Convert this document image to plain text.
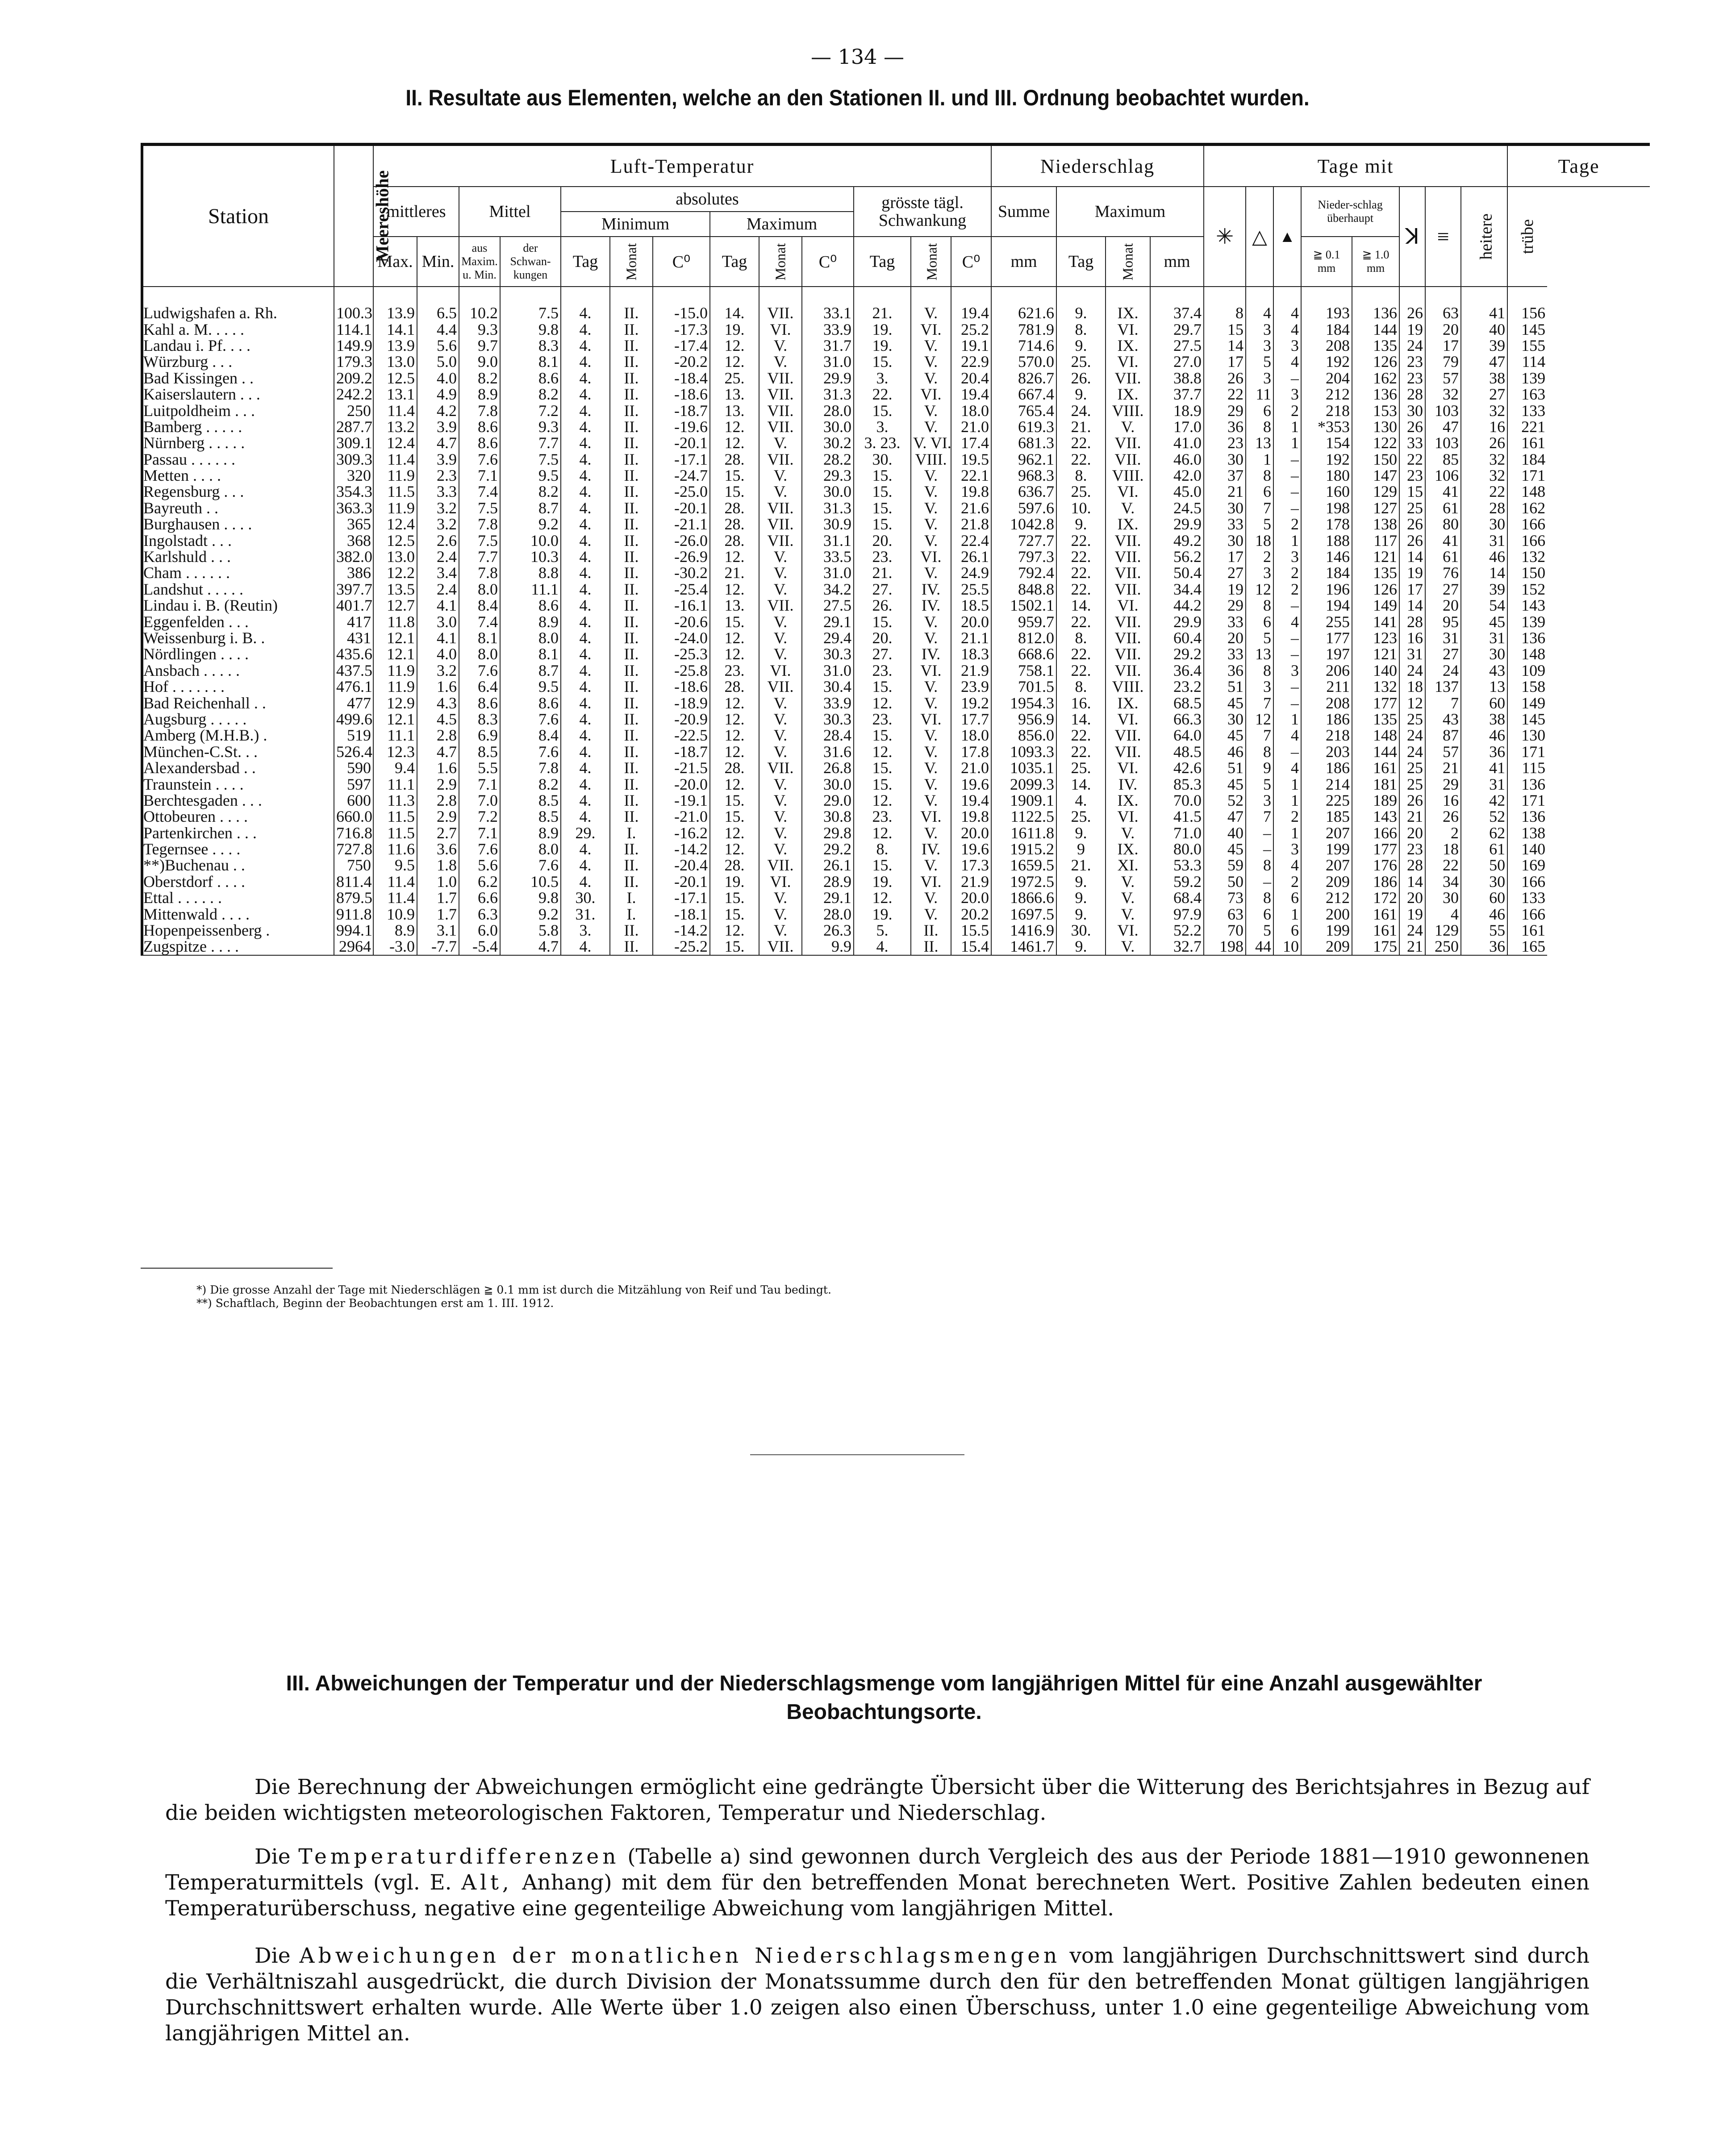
— 134 —
II. Resultate aus Elementen, welche an den Stationen II. und III. Ordnung beobachtet wurden.
Station	Meereshöhe	Luft-Temperatur													Niederschlag				Tage mit								Tage
		mittleres		Mittel		absolutes						grösste tägl. Schwankung			Summe	Maximum			✳	△	▲	Nieder-schlag überhaupt		ꓘ	≡	heitere	trübe
						Minimum			Maximum																		
		Max.	Min.	aus Maxim. u. Min.	der Schwan-kungen	Tag	Monat	C⁰	Tag	Monat	C⁰	Tag	Monat	C⁰	mm	Tag	Monat	mm				≧ 0.1 mm	≧ 1.0 mm				
Ludwigshafen a. Rh.	100.3	13.9	6.5	10.2	7.5	4.	II.	-15.0	14.	VII.	33.1	21.	V.	19.4	621.6	9.	IX.	37.4	8	4	4	193	136	26	63	41	156
Kahl a. M. . . . .	114.1	14.1	4.4	9.3	9.8	4.	II.	-17.3	19.	VI.	33.9	19.	VI.	25.2	781.9	8.	VI.	29.7	15	3	4	184	144	19	20	40	145
Landau i. Pf. . . .	149.9	13.9	5.6	9.7	8.3	4.	II.	-17.4	12.	V.	31.7	19.	V.	19.1	714.6	9.	IX.	27.5	14	3	3	208	135	24	17	39	155
Würzburg . . .	179.3	13.0	5.0	9.0	8.1	4.	II.	-20.2	12.	V.	31.0	15.	V.	22.9	570.0	25.	VI.	27.0	17	5	4	192	126	23	79	47	114
Bad Kissingen . .	209.2	12.5	4.0	8.2	8.6	4.	II.	-18.4	25.	VII.	29.9	3.	V.	20.4	826.7	26.	VII.	38.8	26	3	–	204	162	23	57	38	139
Kaiserslautern . . .	242.2	13.1	4.9	8.9	8.2	4.	II.	-18.6	13.	VII.	31.3	22.	VI.	19.4	667.4	9.	IX.	37.7	22	11	3	212	136	28	32	27	163
Luitpoldheim . . .	250	11.4	4.2	7.8	7.2	4.	II.	-18.7	13.	VII.	28.0	15.	V.	18.0	765.4	24.	VIII.	18.9	29	6	2	218	153	30	103	32	133
Bamberg . . . . .	287.7	13.2	3.9	8.6	9.3	4.	II.	-19.6	12.	VII.	30.0	3.	V.	21.0	619.3	21.	V.	17.0	36	8	1	*353	130	26	47	16	221
Nürnberg . . . . .	309.1	12.4	4.7	8.6	7.7	4.	II.	-20.1	12.	V.	30.2	3. 23.	V. VI.	17.4	681.3	22.	VII.	41.0	23	13	1	154	122	33	103	26	161
Passau . . . . . .	309.3	11.4	3.9	7.6	7.5	4.	II.	-17.1	28.	VII.	28.2	30.	VIII.	19.5	962.1	22.	VII.	46.0	30	1	–	192	150	22	85	32	184
Metten . . . .	320	11.9	2.3	7.1	9.5	4.	II.	-24.7	15.	V.	29.3	15.	V.	22.1	968.3	8.	VIII.	42.0	37	8	–	180	147	23	106	32	171
Regensburg . . .	354.3	11.5	3.3	7.4	8.2	4.	II.	-25.0	15.	V.	30.0	15.	V.	19.8	636.7	25.	VI.	45.0	21	6	–	160	129	15	41	22	148
Bayreuth . .	363.3	11.9	3.2	7.5	8.7	4.	II.	-20.1	28.	VII.	31.3	15.	V.	21.6	597.6	10.	V.	24.5	30	7	–	198	127	25	61	28	162
Burghausen . . . .	365	12.4	3.2	7.8	9.2	4.	II.	-21.1	28.	VII.	30.9	15.	V.	21.8	1042.8	9.	IX.	29.9	33	5	2	178	138	26	80	30	166
Ingolstadt . . .	368	12.5	2.6	7.5	10.0	4.	II.	-26.0	28.	VII.	31.1	20.	V.	22.4	727.7	22.	VII.	49.2	30	18	1	188	117	26	41	31	166
Karlshuld . . .	382.0	13.0	2.4	7.7	10.3	4.	II.	-26.9	12.	V.	33.5	23.	VI.	26.1	797.3	22.	VII.	56.2	17	2	3	146	121	14	61	46	132
Cham . . . . . .	386	12.2	3.4	7.8	8.8	4.	II.	-30.2	21.	V.	31.0	21.	V.	24.9	792.4	22.	VII.	50.4	27	3	2	184	135	19	76	14	150
Landshut . . . . .	397.7	13.5	2.4	8.0	11.1	4.	II.	-25.4	12.	V.	34.2	27.	IV.	25.5	848.8	22.	VII.	34.4	19	12	2	196	126	17	27	39	152
Lindau i. B. (Reutin)	401.7	12.7	4.1	8.4	8.6	4.	II.	-16.1	13.	VII.	27.5	26.	IV.	18.5	1502.1	14.	VI.	44.2	29	8	–	194	149	14	20	54	143
Eggenfelden . . .	417	11.8	3.0	7.4	8.9	4.	II.	-20.6	15.	V.	29.1	15.	V.	20.0	959.7	22.	VII.	29.9	33	6	4	255	141	28	95	45	139
Weissenburg i. B. .	431	12.1	4.1	8.1	8.0	4.	II.	-24.0	12.	V.	29.4	20.	V.	21.1	812.0	8.	VII.	60.4	20	5	–	177	123	16	31	31	136
Nördlingen . . . .	435.6	12.1	4.0	8.0	8.1	4.	II.	-25.3	12.	V.	30.3	27.	IV.	18.3	668.6	22.	VII.	29.2	33	13	–	197	121	31	27	30	148
Ansbach . . . . .	437.5	11.9	3.2	7.6	8.7	4.	II.	-25.8	23.	VI.	31.0	23.	VI.	21.9	758.1	22.	VII.	36.4	36	8	3	206	140	24	24	43	109
Hof . . . . . . .	476.1	11.9	1.6	6.4	9.5	4.	II.	-18.6	28.	VII.	30.4	15.	V.	23.9	701.5	8.	VIII.	23.2	51	3	–	211	132	18	137	13	158
Bad Reichenhall . .	477	12.9	4.3	8.6	8.6	4.	II.	-18.9	12.	V.	33.9	12.	V.	19.2	1954.3	16.	IX.	68.5	45	7	–	208	177	12	7	60	149
Augsburg . . . . .	499.6	12.1	4.5	8.3	7.6	4.	II.	-20.9	12.	V.	30.3	23.	VI.	17.7	956.9	14.	VI.	66.3	30	12	1	186	135	25	43	38	145
Amberg (M.H.B.) .	519	11.1	2.8	6.9	8.4	4.	II.	-22.5	12.	V.	28.4	15.	V.	18.0	856.0	22.	VII.	64.0	45	7	4	218	148	24	87	46	130
München-C.St. . .	526.4	12.3	4.7	8.5	7.6	4.	II.	-18.7	12.	V.	31.6	12.	V.	17.8	1093.3	22.	VII.	48.5	46	8	–	203	144	24	57	36	171
Alexandersbad . .	590	9.4	1.6	5.5	7.8	4.	II.	-21.5	28.	VII.	26.8	15.	V.	21.0	1035.1	25.	VI.	42.6	51	9	4	186	161	25	21	41	115
Traunstein . . . .	597	11.1	2.9	7.1	8.2	4.	II.	-20.0	12.	V.	30.0	15.	V.	19.6	2099.3	14.	IV.	85.3	45	5	1	214	181	25	29	31	136
Berchtesgaden . . .	600	11.3	2.8	7.0	8.5	4.	II.	-19.1	15.	V.	29.0	12.	V.	19.4	1909.1	4.	IX.	70.0	52	3	1	225	189	26	16	42	171
Ottobeuren . . . .	660.0	11.5	2.9	7.2	8.5	4.	II.	-21.0	15.	V.	30.8	23.	VI.	19.8	1122.5	25.	VI.	41.5	47	7	2	185	143	21	26	52	136
Partenkirchen . . .	716.8	11.5	2.7	7.1	8.9	29.	I.	-16.2	12.	V.	29.8	12.	V.	20.0	1611.8	9.	V.	71.0	40	–	1	207	166	20	2	62	138
Tegernsee . . . .	727.8	11.6	3.6	7.6	8.0	4.	II.	-14.2	12.	V.	29.2	8.	IV.	19.6	1915.2	9	IX.	80.0	45	–	3	199	177	23	18	61	140
**)Buchenau . .	750	9.5	1.8	5.6	7.6	4.	II.	-20.4	28.	VII.	26.1	15.	V.	17.3	1659.5	21.	XI.	53.3	59	8	4	207	176	28	22	50	169
Oberstdorf . . . .	811.4	11.4	1.0	6.2	10.5	4.	II.	-20.1	19.	VI.	28.9	19.	VI.	21.9	1972.5	9.	V.	59.2	50	–	2	209	186	14	34	30	166
Ettal . . . . . .	879.5	11.4	1.7	6.6	9.8	30.	I.	-17.1	15.	V.	29.1	12.	V.	20.0	1866.6	9.	V.	68.4	73	8	6	212	172	20	30	60	133
Mittenwald . . . .	911.8	10.9	1.7	6.3	9.2	31.	I.	-18.1	15.	V.	28.0	19.	V.	20.2	1697.5	9.	V.	97.9	63	6	1	200	161	19	4	46	166
Hopenpeissenberg .	994.1	8.9	3.1	6.0	5.8	3.	II.	-14.2	12.	V.	26.3	5.	II.	15.5	1416.9	30.	VI.	52.2	70	5	6	199	161	24	129	55	161
Zugspitze . . . .	2964	-3.0	-7.7	-5.4	4.7	4.	II.	-25.2	15.	VII.	9.9	4.	II.	15.4	1461.7	9.	V.	32.7	198	44	10	209	175	21	250	36	165
*) Die grosse Anzahl der Tage mit Niederschlägen ≧ 0.1 mm ist durch die Mitzählung von Reif und Tau bedingt.
**) Schaftlach, Beginn der Beobachtungen erst am 1. III. 1912.
III. Abweichungen der Temperatur und der Niederschlagsmenge vom langjährigen Mittel für eine Anzahl ausgewählter Beobachtungsorte.
Die Berechnung der Abweichungen ermöglicht eine gedrängte Übersicht über die Witterung des Berichtsjahres in Bezug auf die beiden wichtigsten meteorologischen Faktoren, Temperatur und Niederschlag.
Die Temperaturdifferenzen (Tabelle a) sind gewonnen durch Vergleich des aus der Periode 1881—1910 gewonnenen Temperaturmittels (vgl. E. Alt, Anhang) mit dem für den betreffenden Monat berechneten Wert. Positive Zahlen bedeuten einen Temperaturüberschuss, negative eine gegenteilige Abweichung vom langjährigen Mittel.
Die Abweichungen der monatlichen Niederschlagsmengen vom langjährigen Durchschnittswert sind durch die Verhältniszahl ausgedrückt, die durch Division der Monatssumme durch den für den betreffenden Monat gültigen langjährigen Durchschnittswert erhalten wurde. Alle Werte über 1.0 zeigen also einen Überschuss, unter 1.0 eine gegenteilige Abweichung vom langjährigen Mittel an.
